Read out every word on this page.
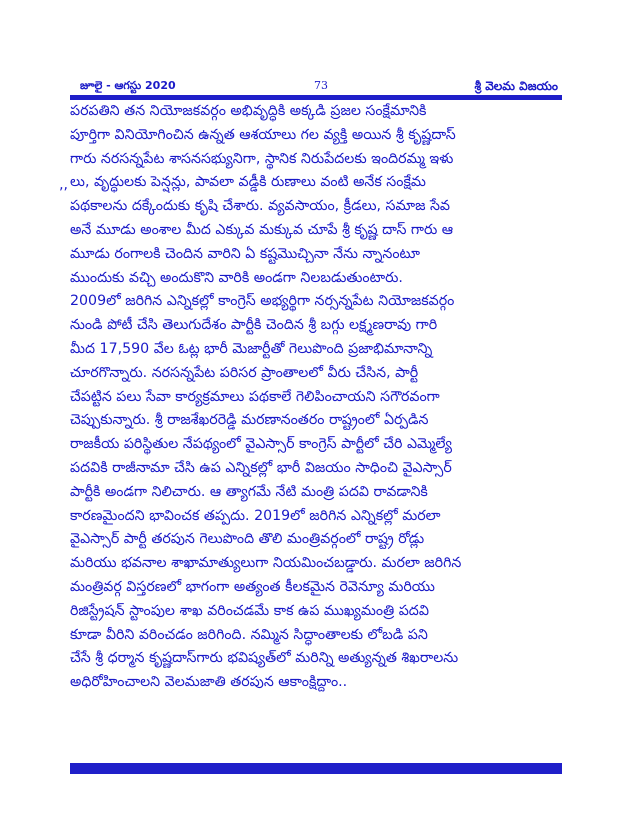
జూలై - ఆగస్టు 2020	73	శ్రీ వెలమ విజయం
‚,
పరపతిని తన నియోజకవర్గం అభివృద్ధికి అక్కడి ప్రజల సంక్షేమానికి
పూర్తిగా వినియోగించిన ఉన్నత ఆశయాలు గల వ్యక్తి అయిన శ్రీ కృష్ణదాస్
గారు నరసన్నపేట శాసనసభ్యునిగా, స్థానిక నిరుపేదలకు ఇందిరమ్మ ఇళు
లు, వృద్ధులకు పెన్షన్లు, పావలా వడ్డీకి రుణాలు వంటి అనేక సంక్షేమ
పథకాలను దక్కేందుకు కృషి చేశారు. వ్యవసాయం, క్రీడలు, సమాజ సేవ
అనే మూడు అంశాల మీద ఎక్కువ మక్కువ చూపే శ్రీ కృష్ణ దాస్ గారు ఆ
మూడు రంగాలకి చెందిన వారిని ఏ కష్టమొచ్చినా నేను న్నానంటూ
ముందుకు వచ్చి అందుకొని వారికి అండగా నిలబడుతుంటారు.
2009లో జరిగిన ఎన్నికల్లో కాంగ్రెస్ అభ్యర్థిగా నర్సన్నపేట నియోజకవర్గం
నుండి పోటీ చేసి తెలుగుదేశం పార్టీకి చెందిన శ్రీ బగ్గు లక్ష్మణరావు గారి
మీద 17,590 వేల ఓట్ల భారీ మెజార్టీతో గెలుపొంది ప్రజాభిమానాన్ని
చూరగొన్నారు. నరసన్నపేట పరిసర ప్రాంతాలలో వీరు చేసిన, పార్టీ
చేపట్టిన పలు సేవా కార్యక్రమాలు పథకాలే గెలిపించాయని సగౌరవంగా
చెప్పుకున్నారు. శ్రీ రాజశేఖరరెడ్డి మరణానంతరం రాష్ట్రంలో ఏర్పడిన
రాజకీయ పరిస్థితుల నేపథ్యంలో వైఎస్సార్ కాంగ్రెస్ పార్టీలో చేరి ఎమ్మెల్యే
పదవికి రాజీనామా చేసి ఉప ఎన్నికల్లో భారీ విజయం సాధించి వైఎస్సార్
పార్టీకి అండగా నిలిచారు. ఆ త్యాగమే నేటి మంత్రి పదవి రావడానికి
కారణమైందని భావించక తప్పదు. 2019లో జరిగిన ఎన్నికల్లో మరలా
వైఎస్సార్ పార్టీ తరపున గెలుపొంది తొలి మంత్రివర్గంలో రాష్ట్ర రోడ్లు
మరియు భవనాల శాఖామాత్యులుగా నియమించబడ్డారు. మరలా జరిగిన
మంత్రివర్గ విస్తరణలో భాగంగా అత్యంత కీలకమైన రెవెన్యూ మరియు
రిజిస్ట్రేషన్ స్టాంపుల శాఖ వరించడమే కాక ఉప ముఖ్యమంత్రి పదవి
కూడా వీరిని వరించడం జరిగింది. నమ్మిన సిద్ధాంతాలకు లోబడి పని
చేసే శ్రీ ధర్మాన కృష్ణదాస్‌గారు భవిష్యత్‌లో మరిన్ని అత్యున్నత శిఖరాలను
అధిరోహించాలని వెలమజాతి తరపున ఆకాంక్షిద్దాం..
